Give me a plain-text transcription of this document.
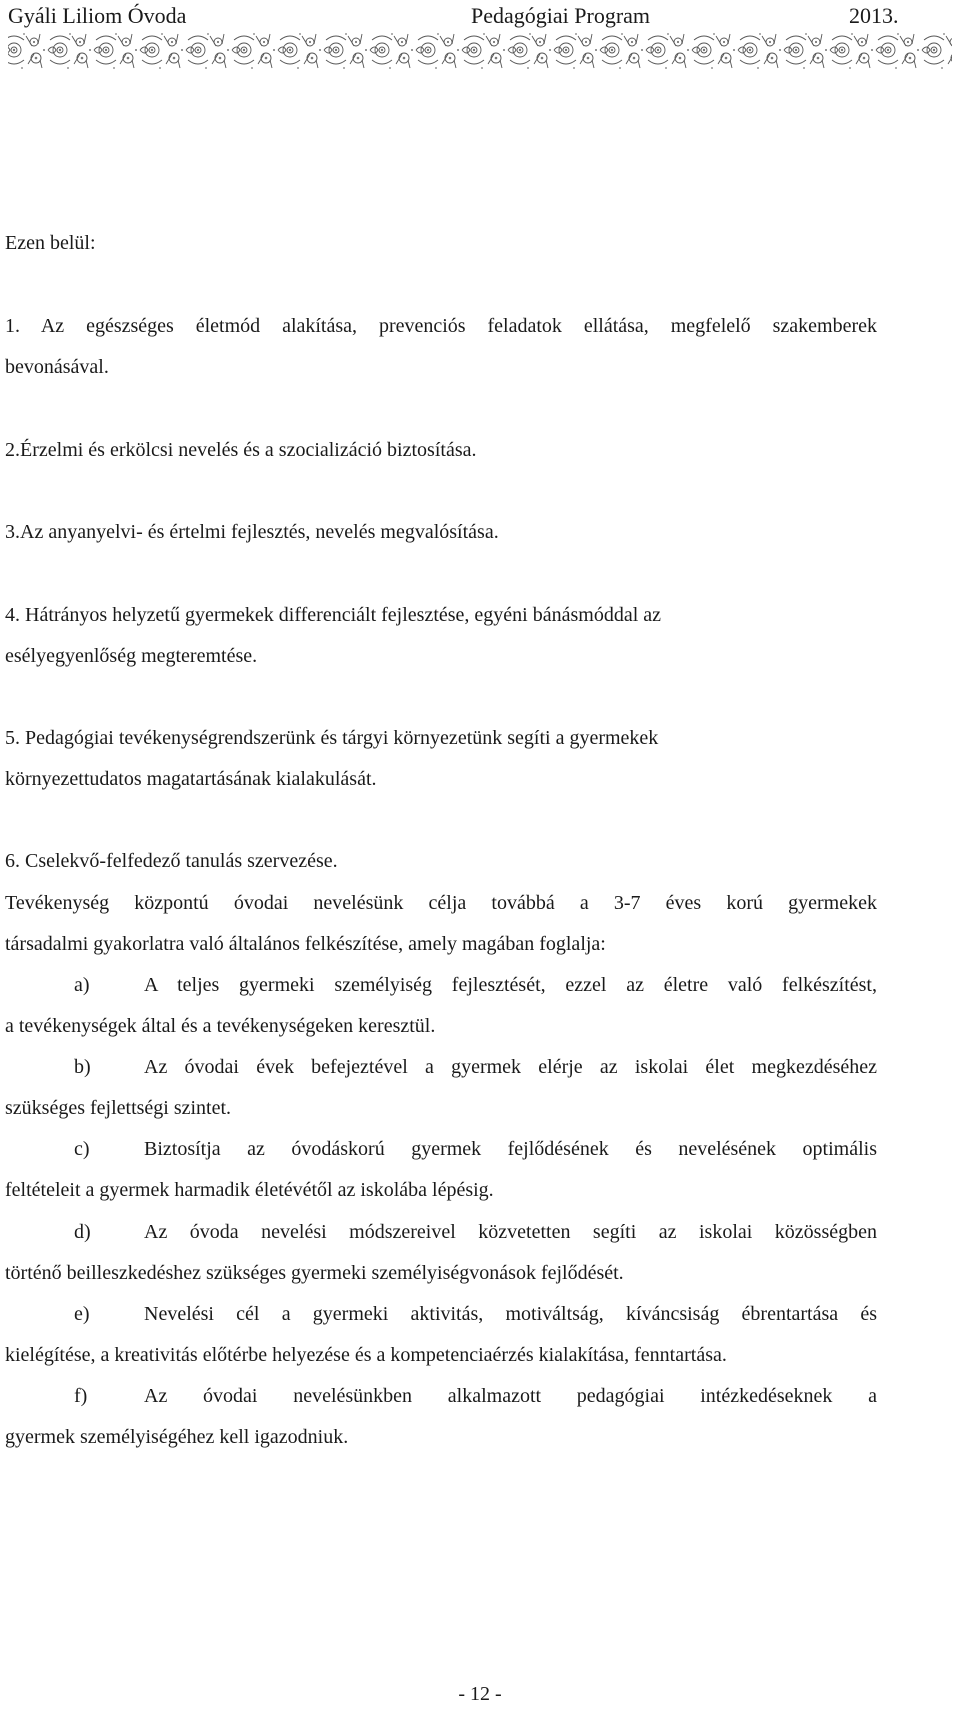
Gyáli Liliom Óvoda	Pedagógiai Program	2013.
Ezen belül:
1. Az egészséges életmód alakítása, prevenciós feladatok ellátása, megfelelő szakemberek
bevonásával.
2.Érzelmi és erkölcsi nevelés és a szocializáció biztosítása.
3.Az anyanyelvi- és értelmi fejlesztés, nevelés megvalósítása.
4. Hátrányos helyzetű gyermekek differenciált fejlesztése, egyéni bánásmóddal az
esélyegyenlőség megteremtése.
5. Pedagógiai tevékenységrendszerünk és tárgyi környezetünk segíti a gyermekek
környezettudatos magatartásának kialakulását.
6. Cselekvő-felfedező tanulás szervezése.
Tevékenység központú óvodai nevelésünk célja továbbá a 3-7 éves korú gyermekek
társadalmi gyakorlatra való általános felkészítése, amely magában foglalja:
a)	A teljes gyermeki személyiség fejlesztését, ezzel az életre való felkészítést,
a tevékenységek által és a tevékenységeken keresztül.
b)	Az óvodai évek befejeztével a gyermek elérje az iskolai élet megkezdéséhez
szükséges fejlettségi szintet.
c)	Biztosítja az óvodáskorú gyermek fejlődésének és nevelésének optimális
feltételeit a gyermek harmadik életévétől az iskolába lépésig.
d)	Az óvoda nevelési módszereivel közvetetten segíti az iskolai közösségben
történő beilleszkedéshez szükséges gyermeki személyiségvonások fejlődését.
e)	Nevelési cél a gyermeki aktivitás, motiváltság, kíváncsiság ébrentartása és
kielégítése, a kreativitás előtérbe helyezése és a kompetenciaérzés kialakítása, fenntartása.
f)	Az óvodai nevelésünkben alkalmazott pedagógiai intézkedéseknek a
gyermek személyiségéhez kell igazodniuk.
- 12 -
